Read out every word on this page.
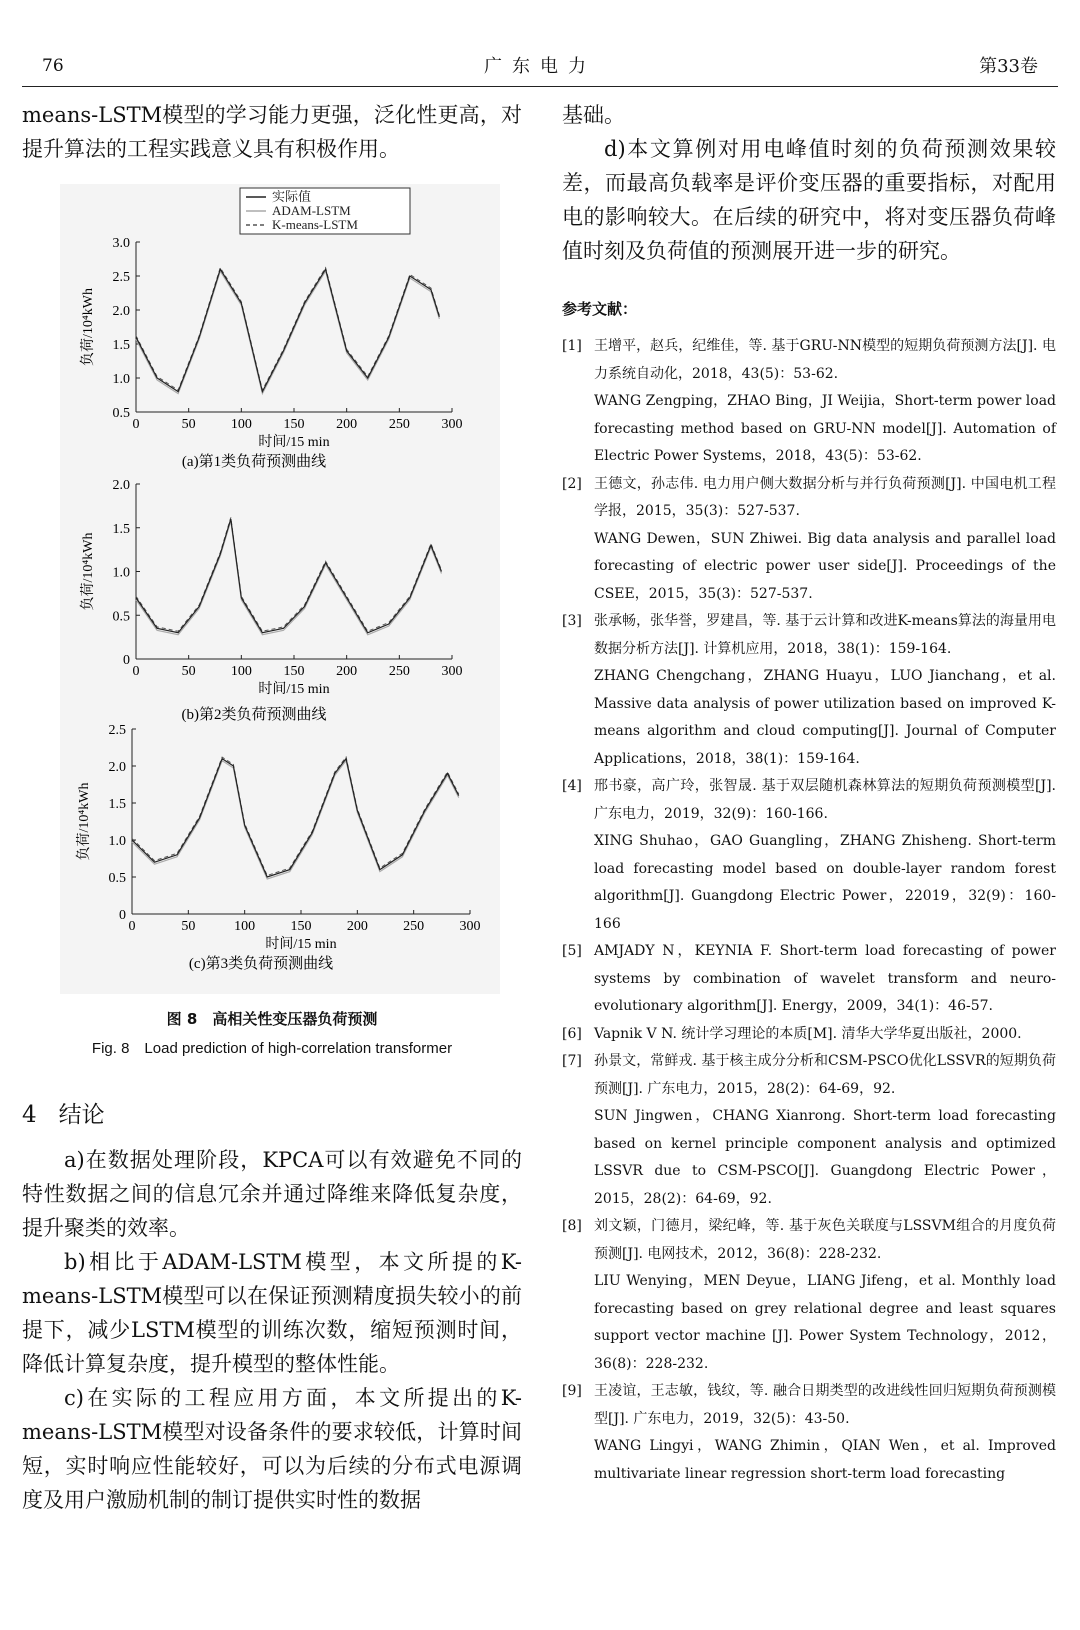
76	广东电力	第33卷

means-LSTM模型的学习能力更强，泛化性更高，对提升算法的工程实践意义具有积极作用。

实际值
ADAM-LSTM
K-means-LSTM
0	50	100 150 200 250 300
0.5
1.0
1.5
2.0
2.5
3.0
时间/15 min
负荷/10⁴kWh
(a)第1类负荷预测曲线
0	50	100 150 200 250 300
0
0.5
1.0
1.5
2.0
时间/15 min
负荷/10⁴kWh
(b)第2类负荷预测曲线
0	50	100	150	200	250	300
0
0.5
1.0
1.5
2.0
2.5
时间/15 min
负荷/10⁴kWh
(c)第3类负荷预测曲线
图 8　高相关性变压器负荷预测
Fig. 8　Load prediction of high-correlation transformer
4 结论

a)在数据处理阶段，KPCA可以有效避免不同的特性数据之间的信息冗余并通过降维来降低复杂度，提升聚类的效率。

b)相比于ADAM-LSTM模型，本文所提的K-means-LSTM模型可以在保证预测精度损失较小的前提下，减少LSTM模型的训练次数，缩短预测时间，降低计算复杂度，提升模型的整体性能。

c)在实际的工程应用方面，本文所提出的K-means-LSTM模型对设备条件的要求较低，计算时间短，实时响应性能较好，可以为后续的分布式电源调度及用户激励机制的制订提供实时性的数据

基础。

d)本文算例对用电峰值时刻的负荷预测效果较差，而最高负载率是评价变压器的重要指标，对配用电的影响较大。在后续的研究中，将对变压器负荷峰值时刻及负荷值的预测展开进一步的研究。

参考文献：
[1] 王增平，赵兵，纪维佳，等. 基于GRU-NN模型的短期负荷预测方法[J]. 电力系统自动化，2018，43(5)：53-62.
WANG Zengping，ZHAO Bing，JI Weijia，Short-term power load forecasting method based on GRU-NN model[J]. Automation of Electric Power Systems，2018，43(5)：53-62.
[2] 王德文，孙志伟. 电力用户侧大数据分析与并行负荷预测[J]. 中国电机工程学报，2015，35(3)：527-537.
WANG Dewen，SUN Zhiwei. Big data analysis and parallel load forecasting of electric power user side[J]. Proceedings of the CSEE，2015，35(3)：527-537.
[3] 张承畅，张华誉，罗建昌，等. 基于云计算和改进K-means算法的海量用电数据分析方法[J]. 计算机应用，2018，38(1)：159-164.
ZHANG Chengchang，ZHANG Huayu，LUO Jianchang，et al. Massive data analysis of power utilization based on improved K-means algorithm and cloud computing[J]. Journal of Computer Applications，2018，38(1)：159-164.
[4] 邢书豪，高广玲，张智晟. 基于双层随机森林算法的短期负荷预测模型[J]. 广东电力，2019，32(9)：160-166.
XING Shuhao，GAO Guangling，ZHANG Zhisheng. Short-term load forecasting model based on double-layer random forest algorithm[J]. Guangdong Electric Power，22019，32(9)：160-166
[5] AMJADY N，KEYNIA F. Short-term load forecasting of power systems by combination of wavelet transform and neuro-evolutionary algorithm[J]. Energy，2009，34(1)：46-57.
[6] Vapnik V N. 统计学习理论的本质[M]. 清华大学华夏出版社，2000.
[7] 孙景文，常鲜戎. 基于核主成分分析和CSM-PSCO优化LSSVR的短期负荷预测[J]. 广东电力，2015，28(2)：64-69，92.
SUN Jingwen，CHANG Xianrong. Short-term load forecasting based on kernel principle component analysis and optimized LSSVR due to CSM-PSCO[J]. Guangdong Electric Power，2015，28(2)：64-69，92.
[8] 刘文颖，门德月，梁纪峰，等. 基于灰色关联度与LSSVM组合的月度负荷预测[J]. 电网技术，2012，36(8)：228-232.
LIU Wenying，MEN Deyue，LIANG Jifeng，et al. Monthly load forecasting based on grey relational degree and least squares support vector machine [J]. Power System Technology，2012，36(8)：228-232.
[9] 王凌谊，王志敏，钱纹，等. 融合日期类型的改进线性回归短期负荷预测模型[J]. 广东电力，2019，32(5)：43-50.
WANG Lingyi，WANG Zhimin，QIAN Wen，et al. Improved multivariate linear regression short-term load forecasting
